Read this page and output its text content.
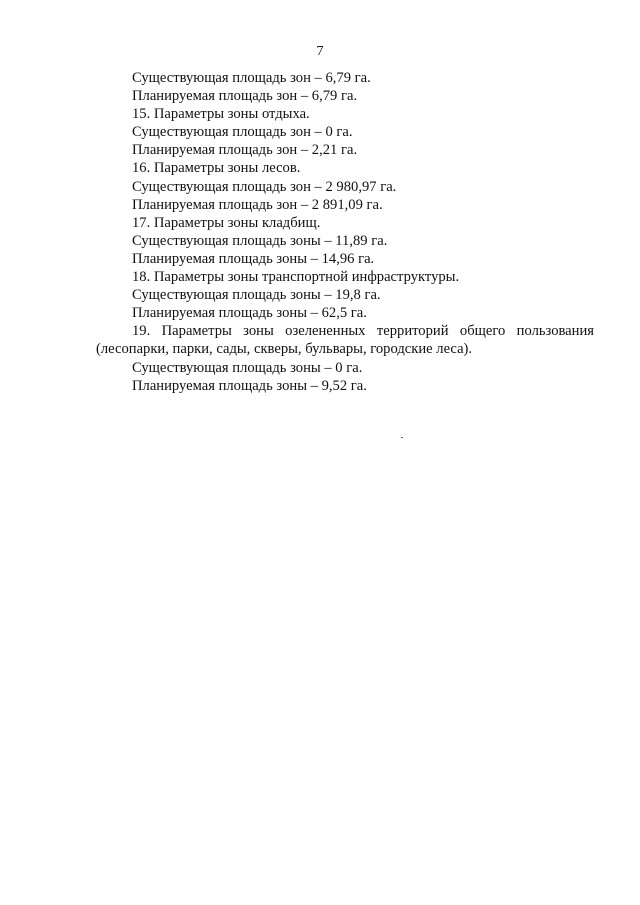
7
Существующая площадь зон – 6,79 га.
Планируемая площадь зон – 6,79 га.
15. Параметры зоны отдыха.
Существующая площадь зон – 0 га.
Планируемая площадь зон – 2,21 га.
16. Параметры зоны лесов.
Существующая площадь зон – 2 980,97 га.
Планируемая площадь зон – 2 891,09 га.
17. Параметры зоны кладбищ.
Существующая площадь зоны – 11,89 га.
Планируемая площадь зоны – 14,96 га.
18. Параметры зоны транспортной инфраструктуры.
Существующая площадь зоны – 19,8 га.
Планируемая площадь зоны – 62,5 га.
19. Параметры зоны озелененных территорий общего пользования
(лесопарки, парки, сады, скверы, бульвары, городские леса).
Существующая площадь зоны – 0 га.
Планируемая площадь зоны – 9,52 га.
